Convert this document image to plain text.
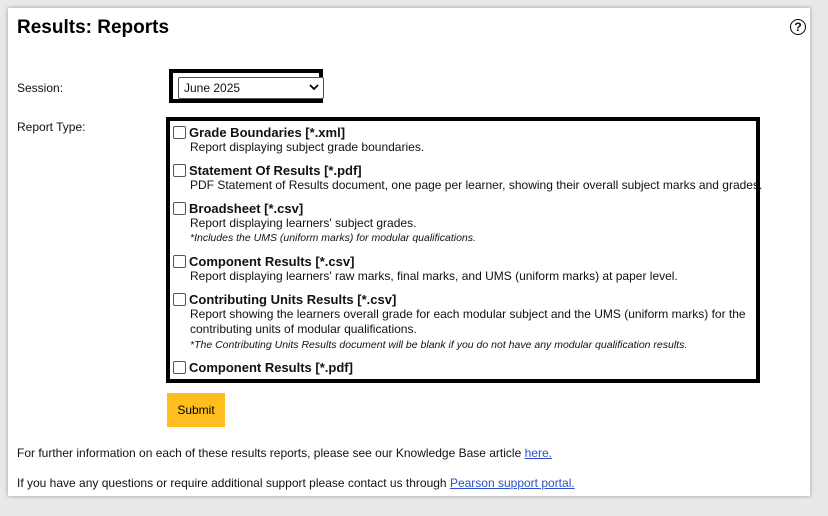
Results: Reports	?
Session:	June 2025
Report Type:	Grade Boundaries [*.xml]
Report displaying subject grade boundaries.
Statement Of Results [*.pdf]
PDF Statement of Results document, one page per learner, showing their overall subject marks and grades.
Broadsheet [*.csv]
Report displaying learners' subject grades.
*Includes the UMS (uniform marks) for modular qualifications.
Component Results [*.csv]
Report displaying learners' raw marks, final marks, and UMS (uniform marks) at paper level.
Contributing Units Results [*.csv]
Report showing the learners overall grade for each modular subject and the UMS (uniform marks) for the
contributing units of modular qualifications.
*The Contributing Units Results document will be blank if you do not have any modular qualification results.
Component Results [*.pdf]
Submit
For further information on each of these results reports, please see our Knowledge Base article here.
If you have any questions or require additional support please contact us through Pearson support portal.
